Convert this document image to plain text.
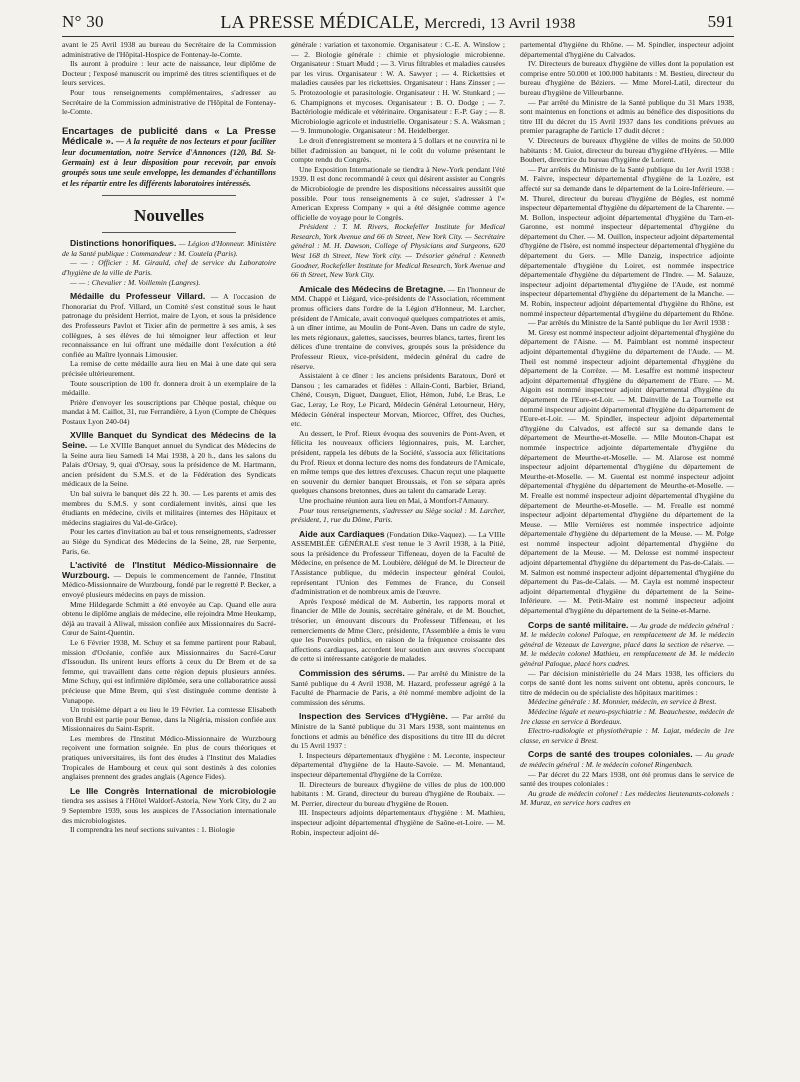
N° 30	LA PRESSE MÉDICALE, Mercredi, 13 Avril 1938	591

avant le 25 Avril 1938 au bureau du Secrétaire de la Commission administrative de l'Hôpital-Hospice de Fontenay-le-Comte.

Ils auront à produire : leur acte de naissance, leur diplôme de Docteur ; l'exposé manuscrit ou imprimé des titres scientifiques et de leurs services.

Pour tous renseignements complémentaires, s'adresser au Secrétaire de la Commission administrative de l'Hôpital de Fontenay-le-Comte.

Encartages de publicité dans « La Presse Médicale ». — A la requête de nos lecteurs et pour faciliter leur documentation, notre Service d'Annonces (120, Bd. St-Germain) est à leur disposition pour recevoir, par envois groupés sous une seule enveloppe, les demandes d'échantillons et les répartir entre les différents laboratoires intéressés.
Nouvelles

Distinctions honorifiques. — Légion d'Honneur. Ministère de la Santé publique : Commandeur : M. Coutela (Paris).

— — : Officier : M. Girauld, chef de service du Laboratoire d'hygiène de la ville de Paris.

— — : Chevalier : M. Voillemin (Langres).

Médaille du Professeur Villard. — A l'occasion de l'honorariat du Prof. Villard, un Comité s'est constitué sous le haut patronage du président Herriot, maire de Lyon, et sous la présidence des Professeurs Pavlot et Tixier afin de permettre à ses amis, à ses collègues, à ses élèves de lui témoigner leur affection et leur reconnaissance en lui offrant une médaille dont l'exécution a été confiée au Maître lyonnais Limousier.

La remise de cette médaille aura lieu en Mai à une date qui sera précisée ultérieurement.

Toute souscription de 100 fr. donnera droit à un exemplaire de la médaille.

Prière d'envoyer les souscriptions par Chèque postal, chèque ou mandat à M. Caillot, 31, rue Ferrandière, à Lyon (Compte de Chèques Postaux Lyon 240-04)

XVIIIe Banquet du Syndicat des Médecins de la Seine. — Le XVIIIe Banquet annuel du Syndicat des Médecins de la Seine aura lieu Samedi 14 Mai 1938, à 20 h., dans les salons du Palais d'Orsay, 9, quai d'Orsay, sous la présidence de M. Hartmann, ancien président du S.M.S. et de la Fédération des Syndicats médicaux de la Seine.

Un bal suivra le banquet dès 22 h. 30. — Les parents et amis des membres du S.M.S. y sont cordialement invités, ainsi que les étudiants en médecine, civils et militaires (internes des Hôpitaux et médecins stagiaires du Val-de-Grâce).

Pour les cartes d'invitation au bal et tous renseignements, s'adresser au Siège du Syndicat des Médecins de la Seine, 28, rue Serpente, Paris, 6e.

L'activité de l'Institut Médico-Missionnaire de Wurzbourg. — Depuis le commencement de l'année, l'Institut Médico-Missionnaire de Wurzbourg, fondé par le regretté P. Becker, a envoyé plusieurs médecins en pays de mission.

Mme Hildegarde Schmitt a été envoyée au Cap. Quand elle aura obtenu le diplôme anglais de médecine, elle rejoindra Mme Heukamp, déjà au travail à Aliwal, mission confiée aux Missionnaires du Sacré-Cœur de Saint-Quentin.

Le 6 Février 1938, M. Schuy et sa femme partirent pour Rabaul, mission d'Océanie, confiée aux Missionnaires du Sacré-Cœur d'Issoudun. Ils unirent leurs efforts à ceux du Dr Brem et de sa femme, qui travaillent dans cette région depuis plusieurs années. Mme Schuy, qui est infirmière diplômée, sera une collaboratrice aussi précieuse que Mme Brem, qui s'est distinguée comme dentiste à Vunapope.

Un troisième départ a eu lieu le 19 Février. La comtesse Elisabeth von Bruhl est partie pour Benue, dans la Nigéria, mission confiée aux Missionnaires du Saint-Esprit.

Les membres de l'Institut Médico-Missionnaire de Wurzbourg reçoivent une formation soignée. En plus de cours théoriques et pratiques universitaires, ils font des études à l'Institut des Maladies Tropicales de Hambourg et ceux qui sont destinés à des colonies anglaises prennent des grades anglais (Agence Fides).

Le IIIe Congrès International de microbiologie tiendra ses assises à l'Hôtel Waldorf-Astoria, New York City, du 2 au 9 Septembre 1939, sous les auspices de l'Association internationale des microbiologistes.

Il comprendra les neuf sections suivantes : 1. Biologie

générale : variation et taxonomie. Organisateur : C.-E. A. Winslow ; — 2. Biologie générale : chimie et physiologie microbienne. Organisateur : Stuart Mudd ; — 3. Virus filtrables et maladies causées par les virus. Organisateur : W. A. Sawyer ; — 4. Rickettsies et maladies causées par les rickettsies. Organisateur : Hans Zinsser ; — 5. Protozoologie et parasitologie. Organisateur : H. W. Stunkard ; — 6. Champignons et mycoses. Organisateur : B. O. Dodge ; — 7. Bactériologie médicale et vétérinaire. Organisateur : F.-P. Gay ; — 8. Microbiologie agricole et industrielle. Organisateur : S. A. Waksman ; — 9. Immunologie. Organisateur : M. Heidelberger.

Le droit d'enregistrement se montera à 5 dollars et ne couvrira ni le billet d'admission au banquet, ni le coût du volume présentant le compte rendu du Congrès.

Une Exposition Internationale se tiendra à New-York pendant l'été 1939. Il est donc recommandé à ceux qui désirent assister au Congrès de Microbiologie de prendre les dispositions nécessaires aussitôt que possible. Pour tous renseignements à ce sujet, s'adresser à l'« American Express Company » qui a été désignée comme agence officielle de voyage pour le Congrès.

Président : T. M. Rivers, Rockefeller Institute for Medical Research, York Avenue and 66 th Street, New York City. — Secrétaire général : M. H. Dawson, College of Physicians and Surgeons, 620 West 168 th Street, New York city. — Trésorier général : Kenneth Goodner, Rockefeller Institute for Medical Research, York Avenue and 66 th Street, New York City.

Amicale des Médecins de Bretagne. — En l'honneur de MM. Chappé et Liégard, vice-présidents de l'Association, récemment promus officiers dans l'ordre de la Légion d'Honneur, M. Larcher, président de l'Amicale, avait convoqué quelques compatriotes et amis, à un dîner intime, au Moulin de Pont-Aven. Dans un cadre de style, les mets régionaux, galettes, saucisses, beurres blancs, tartes, firent les délices d'une trentaine de convives, groupés sous la présidence du Professeur Rieux, vice-président, médecin général du cadre de réserve.

Assistaient à ce dîner : les anciens présidents Baratoux, Doré et Dansou ; les camarades et fidèles : Allain-Conti, Barbier, Briand, Chéné, Cousyn, Diguet, Dauguet, Eliot, Hémon, Jubé, Le Bras, Le Gac, Leray, Le Roy, Le Picard, Médecin Général Letourneur, Héry, Médecin Général inspecteur Morvan, Miorcec, Offret, des Ouches, etc.

Au dessert, le Prof. Rieux évoqua des souvenirs de Pont-Aven, et félicita les nouveaux officiers légionnaires, puis, M. Larcher, président, rappela les débuts de la Société, s'associa aux félicitations du Prof. Rieux et donna lecture des noms des fondateurs de l'Amicale, en même temps que des lettres d'excuses. Chacun reçut une plaquette en souvenir du dernier banquet Broussais, et l'on se sépara après quelques chansons bretonnes, dues au talent du camarade Leray.

Une prochaine réunion aura lieu en Mai, à Montfort-l'Amaury.

Pour tous renseignements, s'adresser au Siège social : M. Larcher, président, 1, rue du Dôme, Paris.

Aide aux Cardiaques (Fondation Dike-Vaquez). — La VIIIe ASSEMBLÉE GÉNÉRALE s'est tenue le 3 Avril 1938, à la Pitié, sous la présidence du Professeur Tiffeneau, doyen de la Faculté de Médecine, en présence de M. Loubière, délégué de M. le Directeur de l'Assistance publique, du médecin inspecteur général Couloi, représentant l'Union des Femmes de France, du Conseil d'administration et de nombreux amis de l'œuvre.

Après l'exposé médical de M. Aubertin, les rapports moral et financier de Mlle de Jounis, secrétaire générale, et de M. Bouchet, trésorier, un émouvant discours du Professeur Tiffeneau, et les remerciements de Mme Clerc, présidente, l'Assemblée a émis le vœu que les Pouvoirs publics, en raison de la fréquence croissante des affections cardiaques, accordent leur soutien aux œuvres s'occupant de cette si intéressante catégorie de malades.

Commission des sérums. — Par arrêté du Ministre de la Santé publique du 4 Avril 1938, M. Hazard, professeur agrégé à la Faculté de Pharmacie de Paris, a été nommé membre adjoint de la commission des sérums.

Inspection des Services d'Hygiène. — Par arrêté du Ministre de la Santé publique du 31 Mars 1938, sont maintenus en fonctions et admis au bénéfice des dispositions du titre III du décret du 15 Avril 1937 :

I. Inspecteurs départementaux d'hygiène : M. Leconte, inspecteur départemental d'hygiène de la Haute-Savoie. — M. Menantaud, inspecteur départemental d'hygiène de la Corrèze.

II. Directeurs de bureaux d'hygiène de villes de plus de 100.000 habitants : M. Grand, directeur du bureau d'hygiène de Roubaix. — M. Perrier, directeur du bureau d'hygiène de Rouen.

III. Inspecteurs adjoints départementaux d'hygiène : M. Mathieu, inspecteur adjoint départemental d'hygiène de Saône-et-Loire. — M. Robin, inspecteur adjoint dé-

partemental d'hygiène du Rhône. — M. Spindler, inspecteur adjoint départemental d'hygiène du Calvados.

IV. Directeurs de bureaux d'hygiène de villes dont la population est comprise entre 50.000 et 100.000 habitants : M. Bestieu, directeur du bureau d'hygiène de Béziers. — Mme Morel-Latil, directeur du bureau d'hygiène de Villeurbanne.

— Par arrêté du Ministre de la Santé publique du 31 Mars 1938, sont maintenus en fonctions et admis au bénéfice des dispositions du titre III du décret du 15 Avril 1937 dans les conditions prévues au premier paragraphe de l'article 17 dudit décret :

V. Directeurs de bureaux d'hygiène de villes de moins de 50.000 habitants : M. Guiot, directeur du bureau d'hygiène d'Hyères. — Mlle Boubert, directrice du bureau d'hygiène de Lorient.

— Par arrêtés du Ministre de la Santé publique du 1er Avril 1938 : M. Faivre, inspecteur départemental d'hygiène de la Lozère, est affecté sur sa demande dans le département de la Loire-Inférieure. — M. Thurel, directeur du bureau d'hygiène de Bègles, est nommé inspecteur départemental d'hygiène du département de la Charente. — M. Bollon, inspecteur adjoint départemental d'hygiène du Tarn-et-Garonne, est nommé inspecteur départemental d'hygiène du département du Cher. — M. Ouillon, inspecteur adjoint départemental d'hygiène de l'Isère, est nommé inspecteur départemental d'hygiène du département du Gers. — Mlle Danzig, inspectrice adjointe départementale d'hygiène du Loiret, est nommée inspectrice départementale d'hygiène du département de l'Indre. — M. Salauze, inspecteur adjoint départemental d'hygiène de l'Aude, est nommé inspecteur départemental d'hygiène du département de la Manche. — M. Robin, inspecteur adjoint départemental d'hygiène du Rhône, est nommé inspecteur départemental d'hygiène du département du Rhône.

— Par arrêtés du Ministre de la Santé publique du 1er Avril 1938 :

M. Gresy est nommé inspecteur adjoint départemental d'hygiène du département de l'Aisne. — M. Paimblant est nommé inspecteur adjoint départemental d'hygiène du département de l'Aude. — M. Theil est nommé inspecteur adjoint départemental d'hygiène du département de la Corrèze. — M. Lesaffre est nommé inspecteur adjoint départemental d'hygiène du département de l'Eure. — M. Aigoin est nommé inspecteur adjoint départemental d'hygiène du département de l'Eure-et-Loir. — M. Dainville de La Tournelle est nommé inspecteur adjoint départemental d'hygiène du département de l'Eure-et-Loir. — M. Spindler, inspecteur adjoint départemental d'hygiène du Calvados, est affecté sur sa demande dans le département de Meurthe-et-Moselle. — Mlle Mouton-Chapat est nommée inspectrice adjointe départementale d'hygiène du département de Meurthe-et-Moselle. — M. Alarose est nommé inspecteur adjoint départemental d'hygiène du département de Meurthe-et-Moselle. — M. Guental est nommé inspecteur adjoint départemental d'hygiène du département de Meurthe-et-Moselle. — M. Frealle est nommé inspecteur adjoint départemental d'hygiène du département de Meurthe-et-Moselle. — M. Frealle est nommé inspecteur adjoint départemental d'hygiène du département de la Meuse. — Mlle Verniéres est nommée inspectrice adjointe départementale d'hygiène du département de la Meuse. — M. Polge est nommé inspecteur adjoint départemental d'hygiène du département de la Meuse. — M. Delosse est nommé inspecteur adjoint départemental d'hygiène du département du Pas-de-Calais. — M. Salmon est nommé inspecteur adjoint départemental d'hygiène du département du Pas-de-Calais. — M. Cayla est nommé inspecteur adjoint départemental d'hygiène du département de la Seine-Inférieure. — M. Petit-Maire est nommé inspecteur adjoint départemental d'hygiène du département de la Seine-et-Marne.

Corps de santé militaire. — Au grade de médecin général : M. le médecin colonel Paloque, en remplacement de M. le médecin général de Vezeaux de Lavergne, placé dans la section de réserve. — M. le médecin colonel Mathieu, en remplacement de M. le médecin général Paloque, placé hors cadres.

— Par décision ministérielle du 24 Mars 1938, les officiers du corps de santé dont les noms suivent ont obtenu, après concours, le titre de médecin ou de spécialiste des hôpitaux maritimes :

Médecine générale : M. Monnier, médecin, en service à Brest.

Médecine légale et neuro-psychiatrie : M. Beauchesne, médecin de 1re classe en service à Bordeaux.

Electro-radiologie et physiothérapie : M. Lajat, médecin de 1re classe, en service à Brest.

Corps de santé des troupes coloniales. — Au grade de médecin général : M. le médecin colonel Ringenbach.

— Par décret du 22 Mars 1938, ont été promus dans le service de santé des troupes coloniales :

Au grade de médecin colonel : Les médecins lieutenants-colonels : M. Muraz, en service hors cadres en
